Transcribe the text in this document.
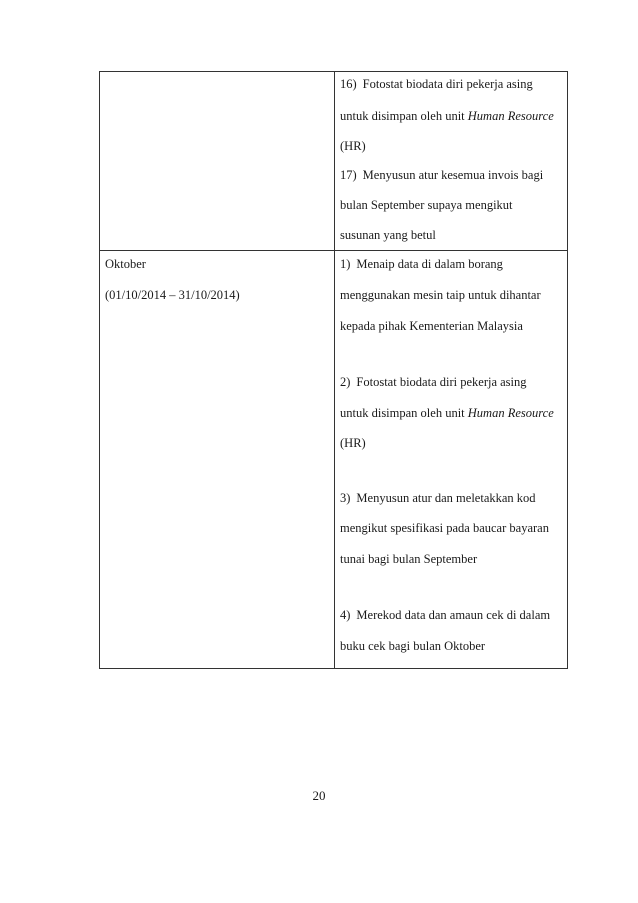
16) Fotostat biodata diri pekerja asing
untuk disimpan oleh unit Human Resource
(HR)
17) Menyusun atur kesemua invois bagi
bulan September supaya mengikut
susunan yang betul
Oktober
(01/10/2014 – 31/10/2014)
1) Menaip data di dalam borang
menggunakan mesin taip untuk dihantar
kepada pihak Kementerian Malaysia
2) Fotostat biodata diri pekerja asing
untuk disimpan oleh unit Human Resource
(HR)
3) Menyusun atur dan meletakkan kod
mengikut spesifikasi pada baucar bayaran
tunai bagi bulan September
4) Merekod data dan amaun cek di dalam
buku cek bagi bulan Oktober
20
